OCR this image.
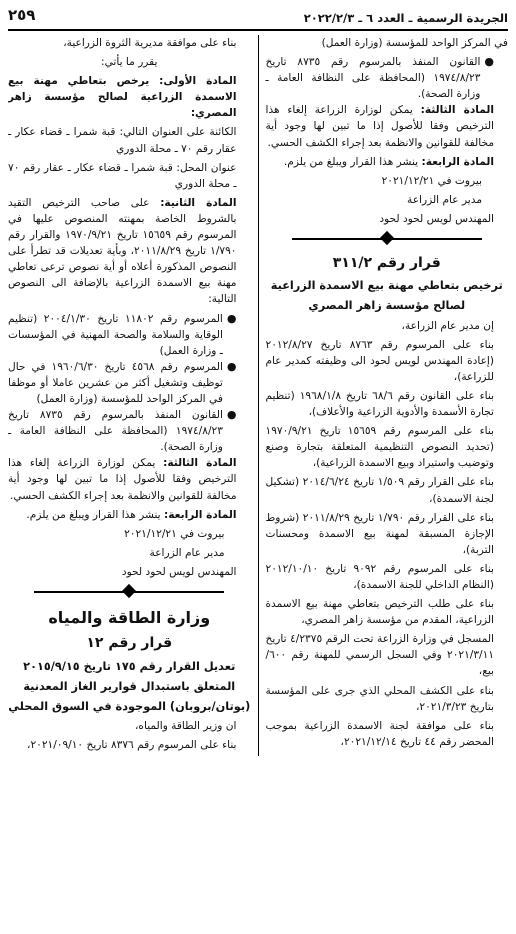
الجريدة الرسمية ـ العدد ٦ ـ ٢٠٢٢/٢/٣
٢٥٩

في المركز الواحد للمؤسسة (وزارة العمل)

●
القانون المنفذ بالمرسوم رقم ٨٧٣٥ تاريخ ١٩٧٤/٨/٢٣ (المحافظة على النظافة العامة ـ وزارة الصحة).

المادة الثالثة: يمكن لوزارة الزراعة إلغاء هذا الترخيص وفقا للأصول إذا ما تبين لها وجود أية مخالفة للقوانين والانظمة بعد إجراء الكشف الحسي.

المادة الرابعة: ينشر هذا القرار ويبلغ من يلزم.

بيروت في ٢٠٢١/١٢/٢١

مدير عام الزراعة

المهندس لويس لحود لحود

قرار رقم ٣١١/٢

ترخيص بتعاطي مهنة بيع الاسمدة الزراعية

لصالح مؤسسة زاهر المصري

إن مدير عام الزراعة،

بناء على المرسوم رقم ٨٧٦٣ تاريخ ٢٠١٢/٨/٢٧ (إعادة المهندس لويس لحود الى وظيفته كمدير عام للزراعة)،

بناء على القانون رقم ٦٨/٦ تاريخ ١٩٦٨/١/٨ (تنظيم تجارة الأسمدة والأدوية الزراعية والأعلاف)،

بناء على المرسوم رقم ١٥٦٥٩ تاريخ ١٩٧٠/٩/٢١ (تحديد النصوص التنظيمية المتعلقة بتجارة وصنع وتوضيب واستيراد وبيع الاسمدة الزراعية)،

بناء على القرار رقم ١/٥٠٩ تاريخ ٢٠١٤/٦/٢٤ (تشكيل لجنة الاسمدة)،

بناء على القرار رقم ١/٧٩٠ تاريخ ٢٠١١/٨/٢٩ (شروط الإجازة المسبقة لمهنة بيع الاسمدة ومحسنات التربة)،

بناء على المرسوم رقم ٩٠٩٢ تاريخ ٢٠١٢/١٠/١٠ (النظام الداخلي للجنة الاسمدة)،

بناء على طلب الترخيص بتعاطي مهنة بيع الاسمدة الزراعية، المقدم من مؤسسة زاهر المصري،

المسجل في وزارة الزراعة تحت الرقم ٤/٢٣٧٥ تاريخ ٢٠٢١/٣/١١ وفي السجل الرسمي للمهنة رقم ٦٠٠/بيع،

بناء على الكشف المحلي الذي جرى على المؤسسة بتاريخ ٢٠٢١/٣/٢٣،

بناء على موافقة لجنة الاسمدة الزراعية بموجب المحضر رقم ٤٤ تاريخ ٢٠٢١/١٢/١٤،

بناء على موافقة مديرية الثروة الزراعية،

يقرر ما يأتي:

المادة الأولى: يرخص بتعاطي مهنة بيع الاسمدة الزراعية لصالح مؤسسة زاهر المصري:

الكائنة على العنوان التالي: قبة شمرا ـ قضاء عكار ـ عقار رقم ٧٠ ـ محلة الدوري

عنوان المحل: قبة شمرا ـ قضاء عكار ـ عقار رقم ٧٠ ـ محلة الدوري

المادة الثانية: على صاحب الترخيص التقيد بالشروط الخاصة بمهنته المنصوص عليها في المرسوم رقم ١٥٦٥٩ تاريخ ١٩٧٠/٩/٢١ والقرار رقم ١/٧٩٠ تاريخ ٢٠١١/٨/٢٩، وبأية تعديلات قد تطرأ على النصوص المذكورة أعلاه أو أية نصوص ترعى تعاطي مهنة بيع الاسمدة الزراعية بالإضافة الى النصوص التالية:

●
المرسوم رقم ١١٨٠٢ تاريخ ٢٠٠٤/١/٣٠ (تنظيم الوقاية والسلامة والصحة المهنية في المؤسسات ـ وزارة العمل)
●
المرسوم رقم ٤٥٦٨ تاريخ ١٩٦٠/٦/٣٠ في حال توظيف وتشغيل أكثر من عشرين عاملا أو موظفا في المركز الواحد للمؤسسة (وزارة العمل)
●
القانون المنفذ بالمرسوم رقم ٨٧٣٥ تاريخ ١٩٧٤/٨/٢٣ (المحافظة على النظافة العامة ـ وزارة الصحة).

المادة الثالثة: يمكن لوزارة الزراعة إلغاء هذا الترخيص وفقا للأصول إذا ما تبين لها وجود أية مخالفة للقوانين والانظمة بعد إجراء الكشف الحسي.

المادة الرابعة: ينشر هذا القرار ويبلغ من يلزم.

بيروت في ٢٠٢١/١٢/٢١

مدير عام الزراعة

المهندس لويس لحود لحود

وزارة الطاقة والمياه

قرار رقم ١٢

تعديل القرار رقم ١٧٥ تاريخ ٢٠١٥/٩/١٥

المتعلق باستبدال قوارير الغاز المعدنية

(بوتان/بروبان) الموجودة في السوق المحلي

ان وزير الطاقة والمياه،

بناء على المرسوم رقم ٨٣٧٦ تاريخ ٢٠٢١/٠٩/١٠،
